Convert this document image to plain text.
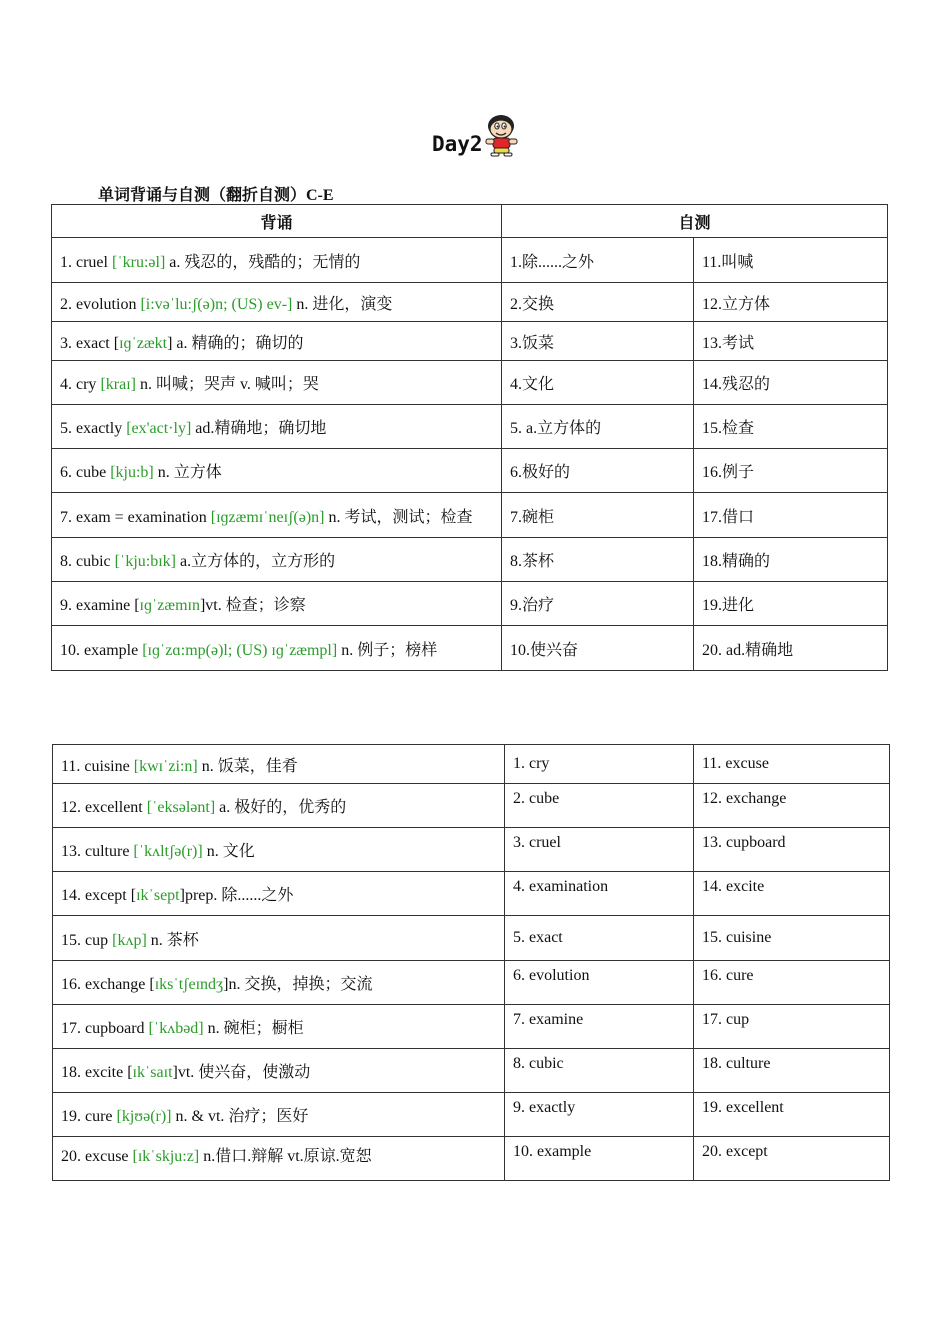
Day2
单词背诵与自测（翻折自测）C-E
背诵	自测	
1. cruel [ˈkru:əl] a. 残忍的，残酷的；无情的	1.除......之外	11.叫喊
2. evolution [i:vəˈlu:ʃ(ə)n; (US) ev-] n. 进化，演变	2.交换	12.立方体
3. exact [ɪɡˈzækt] a. 精确的；确切的	3.饭菜	13.考试
4. cry [kraɪ] n. 叫喊；哭声 v. 喊叫；哭	4.文化	14.残忍的
5. exactly [ex'act·ly] ad.精确地；确切地	5. a.立方体的	15.检查
6. cube [kju:b] n. 立方体	6.极好的	16.例子
7. exam = examination [ɪɡzæmɪˈneɪʃ(ə)n] n. 考试，测试；检查	7.碗柜	17.借口
8. cubic [ˈkju:bɪk] a.立方体的，立方形的	8.茶杯	18.精确的
9. examine [ɪɡˈzæmɪn]vt. 检查；诊察	9.治疗	19.进化
10. example [ɪɡˈzɑ:mp(ə)l; (US) ɪɡˈzæmpl] n. 例子；榜样	10.使兴奋	20. ad.精确地
11. cuisine [kwɪˈzi:n] n. 饭菜，佳肴	1. cry	11. excuse
12. excellent [ˈeksələnt] a. 极好的，优秀的	2. cube	12. exchange
13. culture [ˈkʌltʃə(r)] n. 文化	3. cruel	13. cupboard
14. except [ɪkˈsept]prep. 除......之外	4. examination	14. excite
15. cup [kʌp] n. 茶杯	5. exact	15. cuisine
16. exchange [ɪksˈtʃeɪndʒ]n. 交换，掉换；交流	6. evolution	16. cure
17. cupboard [ˈkʌbəd] n. 碗柜；橱柜	7. examine	17. cup
18. excite [ɪkˈsaɪt]vt. 使兴奋，使激动	8. cubic	18. culture
19. cure [kjʊə(r)] n. & vt. 治疗；医好	9. exactly	19. excellent
20. excuse [ɪkˈskju:z] n.借口.辩解 vt.原谅.宽恕	10. example	20. except
